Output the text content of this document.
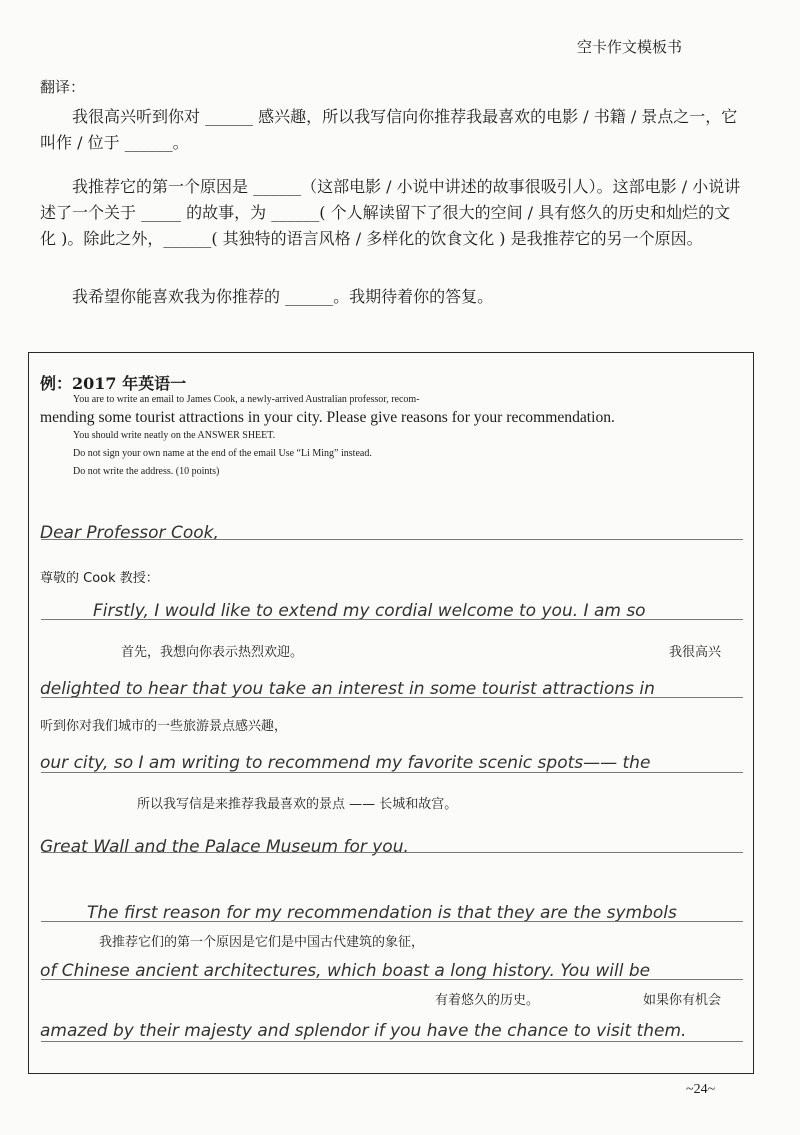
空卡作文模板书
翻译：
我很高兴听到你对 ______ 感兴趣，所以我写信向你推荐我最喜欢的电影 / 书籍 / 景点之一，它叫作 / 位于 ______。
我推荐它的第一个原因是 ______（这部电影 / 小说中讲述的故事很吸引人）。这部电影 / 小说讲述了一个关于 _____ 的故事，为 ______( 个人解读留下了很大的空间 / 具有悠久的历史和灿烂的文化 )。除此之外，______( 其独特的语言风格 / 多样化的饮食文化 ) 是我推荐它的另一个原因。
我希望你能喜欢我为你推荐的 ______。我期待着你的答复。
例：2017 年英语一
You are to write an email to James Cook, a newly-arrived Australian professor, recom-
mending some tourist attractions in your city. Please give reasons for your recommendation.
You should write neatly on the ANSWER SHEET.
Do not sign your own name at the end of the email Use “Li Ming” instead.
Do not write the address. (10 points)
Dear Professor Cook,
尊敬的 Cook 教授：
Firstly, I would like to extend my cordial welcome to you. I am so
首先，我想向你表示热烈欢迎。	我很高兴
delighted to hear that you take an interest in some tourist attractions in
听到你对我们城市的一些旅游景点感兴趣，
our city, so I am writing to recommend my favorite scenic spots—— the
所以我写信是来推荐我最喜欢的景点 —— 长城和故宫。
Great Wall and the Palace Museum for you.
The first reason for my recommendation is that they are the symbols
我推荐它们的第一个原因是它们是中国古代建筑的象征，
of Chinese ancient architectures, which boast a long history. You will be
有着悠久的历史。	如果你有机会
amazed by their majesty and splendor if you have the chance to visit them.
~24~
